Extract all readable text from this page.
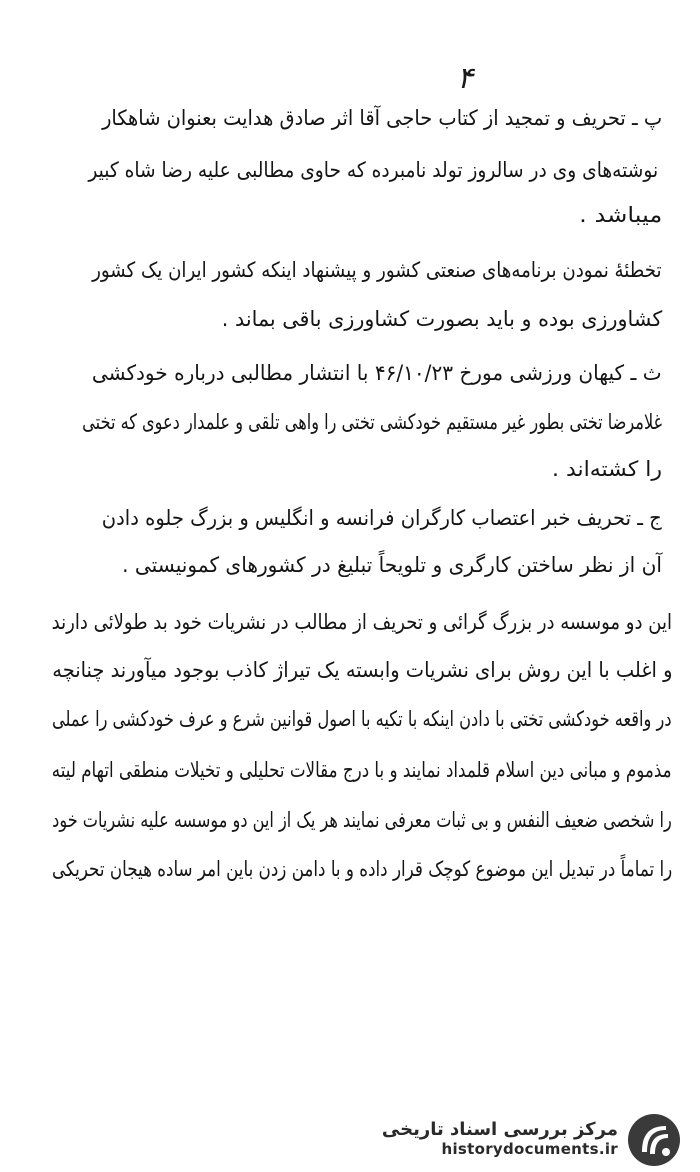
۴
پ ـ تحریف و تمجید از کتاب حاجی آقا اثر صادق هدایت بعنوان شاهکار
نوشته‌های وی در سالروز تولد نامبرده که حاوی مطالبی علیه رضا شاه کبیر
میباشد .
تخطئهٔ نمودن برنامه‌های صنعتی کشور و پیشنهاد اینکه کشور ایران یک کشور
کشاورزی بوده و باید بصورت کشاورزی باقی بماند .
ث ـ کیهان ورزشی مورخ ۴۶/۱۰/۲۳ با انتشار مطالبی درباره خودکشی
غلامرضا تختی بطور غیر مستقیم خودکشی تختی را واهی تلقی و علمدار دعوی که تختی
را کشته‌اند .
ج ـ تحریف خبر اعتصاب کارگران فرانسه و انگلیس و بزرگ جلوه دادن
آن از نظر ساختن کارگری و تلویحاً تبلیغ در کشورهای کمونیستی .
این دو موسسه در بزرگ گرائی و تحریف از مطالب در نشریات خود بد طولائی دارند
و اغلب با این روش برای نشریات وابسته یک تیراژ کاذب بوجود میآورند چنانچه
در واقعه خودکشی تختی با دادن اینکه با تکیه با اصول قوانین شرع و عرف خودکشی را عملی
مذموم و مبانی دین اسلام قلمداد نمایند و با درج مقالات تحلیلی و تخیلات منطقی اتهام لیته
را شخصی ضعیف النفس و بی ثبات معرفی نمایند هر یک از این دو موسسه علیه نشریات خود
را تماماً در تبدیل این موضوع کوچک قرار داده و با دامن زدن باین امر ساده هیجان تحریکی
مرکز بررسی اسناد تاریخی
historydocuments.ir
